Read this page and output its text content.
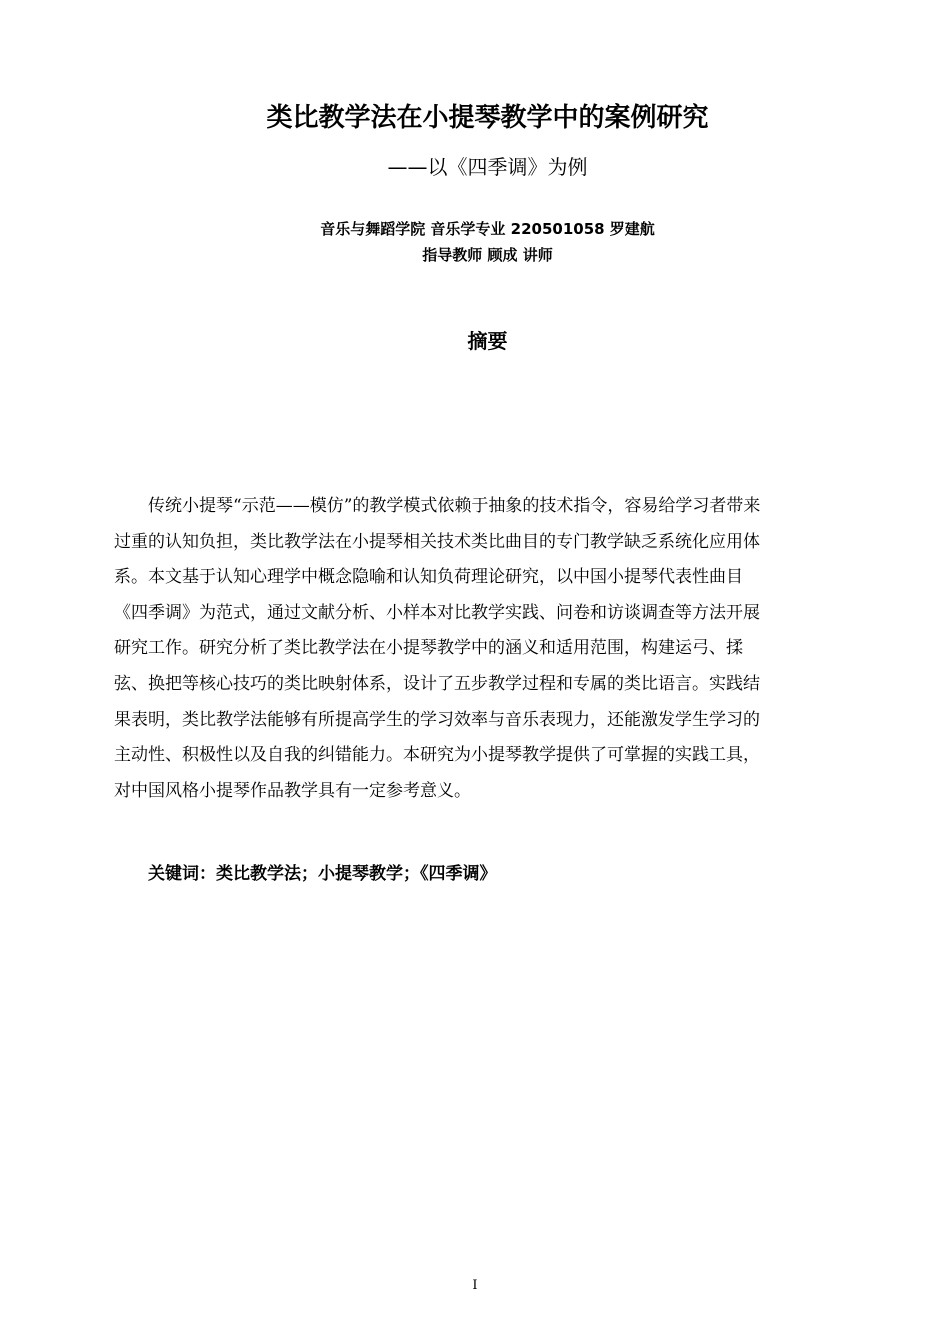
类比教学法在小提琴教学中的案例研究
——以《四季调》为例
音乐与舞蹈学院 音乐学专业 220501058 罗建航
指导教师 顾成 讲师
摘要
传统小提琴“示范——模仿”的教学模式依赖于抽象的技术指令，容易给学习者带来
过重的认知负担，类比教学法在小提琴相关技术类比曲目的专门教学缺乏系统化应用体
系。本文基于认知心理学中概念隐喻和认知负荷理论研究，以中国小提琴代表性曲目
《四季调》为范式，通过文献分析、小样本对比教学实践、问卷和访谈调查等方法开展
研究工作。研究分析了类比教学法在小提琴教学中的涵义和适用范围，构建运弓、揉
弦、换把等核心技巧的类比映射体系，设计了五步教学过程和专属的类比语言。实践结
果表明，类比教学法能够有所提高学生的学习效率与音乐表现力，还能激发学生学习的
主动性、积极性以及自我的纠错能力。本研究为小提琴教学提供了可掌握的实践工具，
对中国风格小提琴作品教学具有一定参考意义。
关键词：类比教学法；小提琴教学；《四季调》
I
